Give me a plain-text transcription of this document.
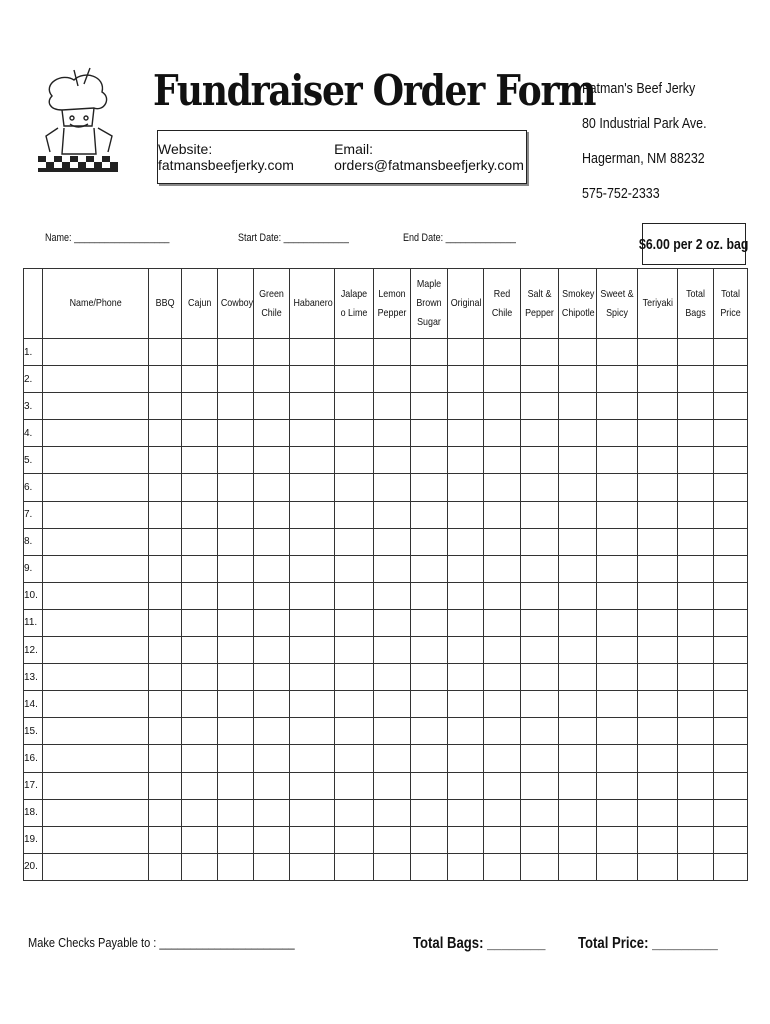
Fundraiser Order Form
Website: fatmansbeefjerky.com
Email: orders@fatmansbeefjerky.com
Fatman's Beef Jerky
80 Industrial Park Ave.
Hagerman, NM 88232
575-752-2333
Name: ___________________	Start Date: _____________	End Date: ______________	$6.00 per 2 oz. bag
	Name/Phone	BBQ	Cajun	Cowboy	Green Chile	Habanero	Jalape o Lime	Lemon Pepper	Maple Brown Sugar	Original	Red Chile	Salt & Pepper	Smokey Chipotle	Sweet & Spicy	Teriyaki	Total Bags	Total Price
1.																	
2.																	
3.																	
4.																	
5.																	
6.																	
7.																	
8.																	
9.																	
10.																	
11.																	
12.																	
13.																	
14.																	
15.																	
16.																	
17.																	
18.																	
19.																	
20.																	
Make Checks Payable to : ______________________	Total Bags: ________ Total Price: _________
